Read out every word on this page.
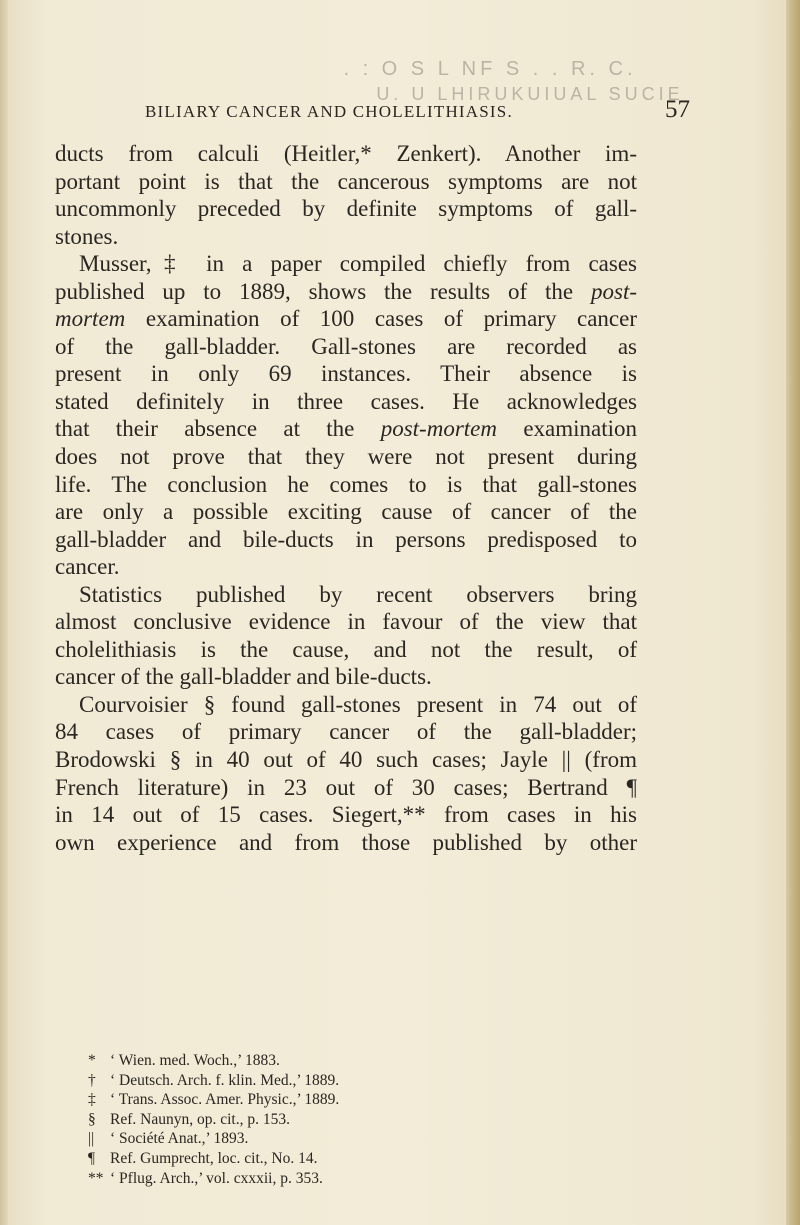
. : O S L NF S . . R. C.
U. U LHIRUKUIUAL SUCIE
BILIARY CANCER AND CHOLELITHIASIS.	57
ducts from calculi (Heitler,* Zenkert). Another im-
portant point is that the cancerous symptoms are not
uncommonly preceded by definite symptoms of gall-
stones.
Musser,‡ in a paper compiled chiefly from cases
published up to 1889, shows the results of the post-
mortem examination of 100 cases of primary cancer
of the gall-bladder. Gall-stones are recorded as
present in only 69 instances. Their absence is
stated definitely in three cases. He acknowledges
that their absence at the post-mortem examination
does not prove that they were not present during
life. The conclusion he comes to is that gall-stones
are only a possible exciting cause of cancer of the
gall-bladder and bile-ducts in persons predisposed to
cancer.
Statistics published by recent observers bring
almost conclusive evidence in favour of the view that
cholelithiasis is the cause, and not the result, of
cancer of the gall-bladder and bile-ducts.
Courvoisier § found gall-stones present in 74 out of
84 cases of primary cancer of the gall-bladder;
Brodowski § in 40 out of 40 such cases; Jayle || (from
French literature) in 23 out of 30 cases; Bertrand ¶
in 14 out of 15 cases. Siegert,** from cases in his
own experience and from those published by other
* ‘ Wien. med. Woch.,’ 1883.
† ‘ Deutsch. Arch. f. klin. Med.,’ 1889.
‡ ‘ Trans. Assoc. Amer. Physic.,’ 1889.
§ Ref. Naunyn, op. cit., p. 153.
|| ‘ Société Anat.,’ 1893.
¶ Ref. Gumprecht, loc. cit., No. 14.
** ‘ Pflug. Arch.,’ vol. cxxxii, p. 353.
